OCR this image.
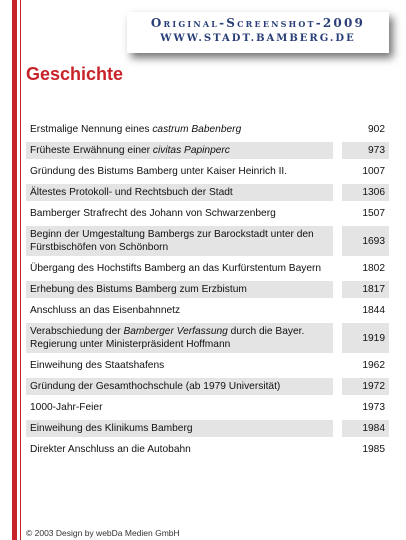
Original-Screenshot-2009
WWW.STADT.BAMBERG.DE
Geschichte
Erstmalige Nennung eines castrum Babenberg		902
Früheste Erwähnung einer civitas Papinperc		973
Gründung des Bistums Bamberg unter Kaiser Heinrich II.		1007
Ältestes Protokoll- und Rechtsbuch der Stadt		1306
Bamberger Strafrecht des Johann von Schwarzenberg		1507
Beginn der Umgestaltung Bambergs zur Barockstadt unter den Fürstbischöfen von Schönborn		1693
Übergang des Hochstifts Bamberg an das Kurfürstentum Bayern		1802
Erhebung des Bistums Bamberg zum Erzbistum		1817
Anschluss an das Eisenbahnnetz		1844
Verabschiedung der Bamberger Verfassung durch die Bayer. Regierung unter Ministerpräsident Hoffmann		1919
Einweihung des Staatshafens		1962
Gründung der Gesamthochschule (ab 1979 Universität)		1972
1000-Jahr-Feier		1973
Einweihung des Klinikums Bamberg		1984
Direkter Anschluss an die Autobahn		1985
© 2003 Design by webDa Medien GmbH
